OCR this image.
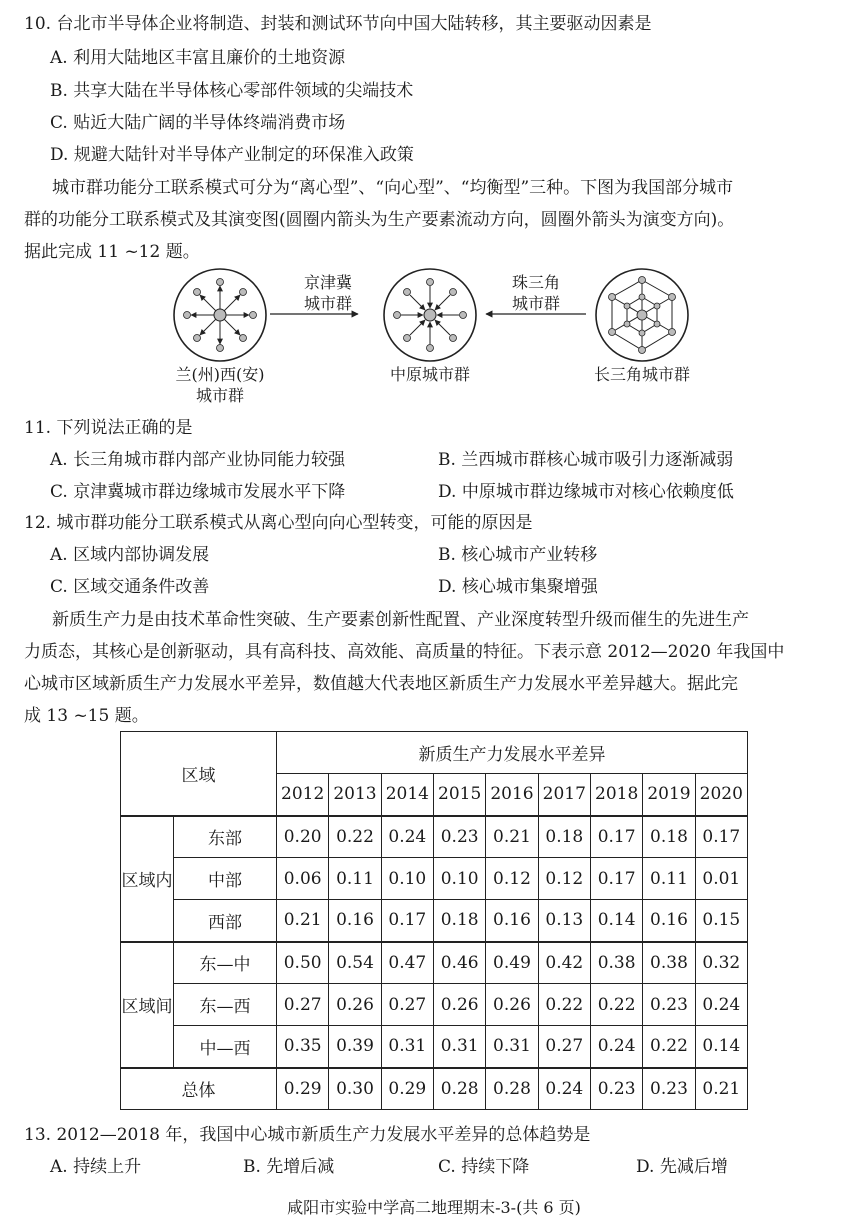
10. 台北市半导体企业将制造、封装和测试环节向中国大陆转移，其主要驱动因素是
A. 利用大陆地区丰富且廉价的土地资源
B. 共享大陆在半导体核心零部件领域的尖端技术
C. 贴近大陆广阔的半导体终端消费市场
D. 规避大陆针对半导体产业制定的环保准入政策
城市群功能分工联系模式可分为“离心型”、“向心型”、“均衡型”三种。下图为我国部分城市
群的功能分工联系模式及其演变图(圆圈内箭头为生产要素流动方向，圆圈外箭头为演变方向)。
据此完成 11 ~12 题。
京津冀
城市群
珠三角
城市群
兰(州)西(安)
城市群
中原城市群	长三角城市群
11. 下列说法正确的是
A. 长三角城市群内部产业协同能力较强	B. 兰西城市群核心城市吸引力逐渐减弱
C. 京津冀城市群边缘城市发展水平下降	D. 中原城市群边缘城市对核心依赖度低
12. 城市群功能分工联系模式从离心型向向心型转变，可能的原因是
A. 区域内部协调发展	B. 核心城市产业转移
C. 区域交通条件改善	D. 核心城市集聚增强
新质生产力是由技术革命性突破、生产要素创新性配置、产业深度转型升级而催生的先进生产
力质态，其核心是创新驱动，具有高科技、高效能、高质量的特征。下表示意 2012—2020 年我国中
心城市区域新质生产力发展水平差异，数值越大代表地区新质生产力发展水平差异越大。据此完
成 13 ~15 题。
区域		新质生产力发展水平差异								
		2012	2013	2014	2015	2016	2017	2018	2019	2020
区域内	东部	0.20	0.22	0.24	0.23	0.21	0.18	0.17	0.18	0.17
	中部	0.06	0.11	0.10	0.10	0.12	0.12	0.17	0.11	0.01
	西部	0.21	0.16	0.17	0.18	0.16	0.13	0.14	0.16	0.15
区域间	东—中	0.50	0.54	0.47	0.46	0.49	0.42	0.38	0.38	0.32
	东—西	0.27	0.26	0.27	0.26	0.26	0.22	0.22	0.23	0.24
	中—西	0.35	0.39	0.31	0.31	0.31	0.27	0.24	0.22	0.14
总体		0.29	0.30	0.29	0.28	0.28	0.24	0.23	0.23	0.21
13. 2012—2018 年，我国中心城市新质生产力发展水平差异的总体趋势是
A. 持续上升	B. 先增后减	C. 持续下降	D. 先减后增
咸阳市实验中学高二地理期末-3-(共 6 页)
